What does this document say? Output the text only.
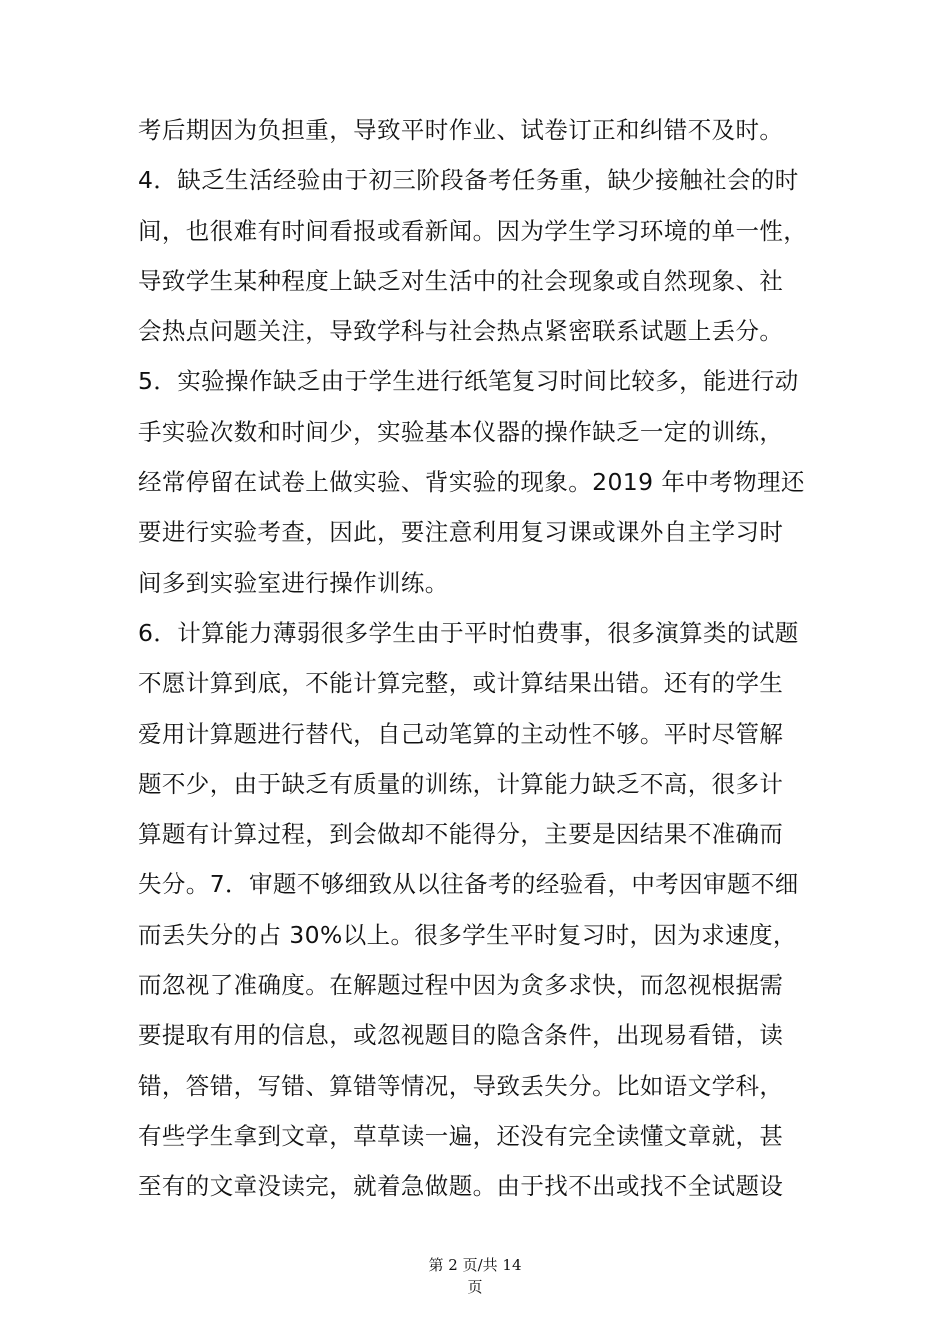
考后期因为负担重，导致平时作业、试卷订正和纠错不及时。
4．缺乏生活经验由于初三阶段备考任务重，缺少接触社会的时
间，也很难有时间看报或看新闻。因为学生学习环境的单一性，
导致学生某种程度上缺乏对生活中的社会现象或自然现象、社
会热点问题关注，导致学科与社会热点紧密联系试题上丢分。
5．实验操作缺乏由于学生进行纸笔复习时间比较多，能进行动
手实验次数和时间少，实验基本仪器的操作缺乏一定的训练，
经常停留在试卷上做实验、背实验的现象。2019 年中考物理还
要进行实验考查，因此，要注意利用复习课或课外自主学习时
间多到实验室进行操作训练。
6．计算能力薄弱很多学生由于平时怕费事，很多演算类的试题
不愿计算到底，不能计算完整，或计算结果出错。还有的学生
爱用计算题进行替代，自己动笔算的主动性不够。平时尽管解
题不少，由于缺乏有质量的训练，计算能力缺乏不高，很多计
算题有计算过程，到会做却不能得分，主要是因结果不准确而
失分。7．审题不够细致从以往备考的经验看，中考因审题不细
而丢失分的占 30%以上。很多学生平时复习时，因为求速度，
而忽视了准确度。在解题过程中因为贪多求快，而忽视根据需
要提取有用的信息，或忽视题目的隐含条件，出现易看错，读
错，答错，写错、算错等情况，导致丢失分。比如语文学科，
有些学生拿到文章，草草读一遍，还没有完全读懂文章就，甚
至有的文章没读完，就着急做题。由于找不出或找不全试题设
第 2 页/共 14
页
